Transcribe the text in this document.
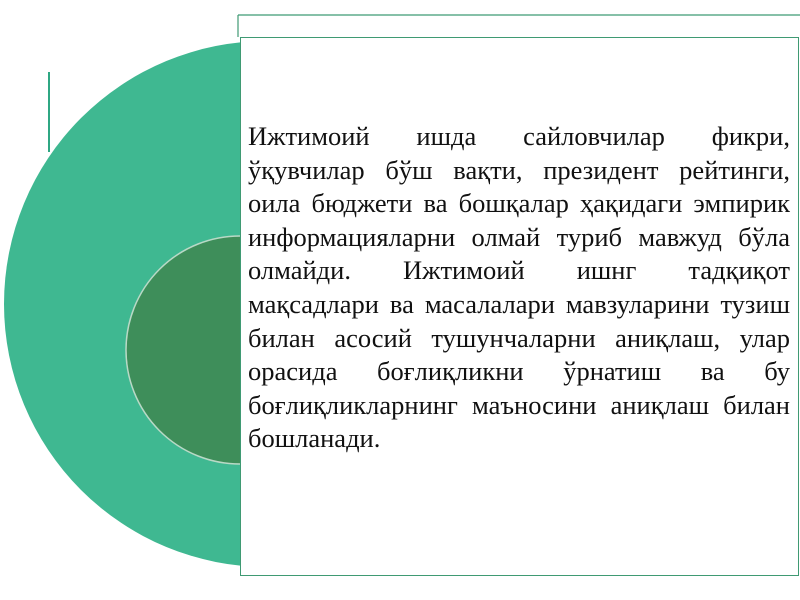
Ижтимоий ишда сайловчилар фикри, ўқувчилар бўш вақти, президент рейтинги, оила бюджети ва бошқалар ҳақидаги эмпирик информацияларни олмай туриб мавжуд бўла олмайди. Ижтимоий ишнг тадқиқот мақсадлари ва масалалари мавзуларини тузиш билан асосий тушунчаларни аниқлаш, улар орасида боғлиқликни ўрнатиш ва бу боғлиқликларнинг маъносини аниқлаш билан бошланади.
